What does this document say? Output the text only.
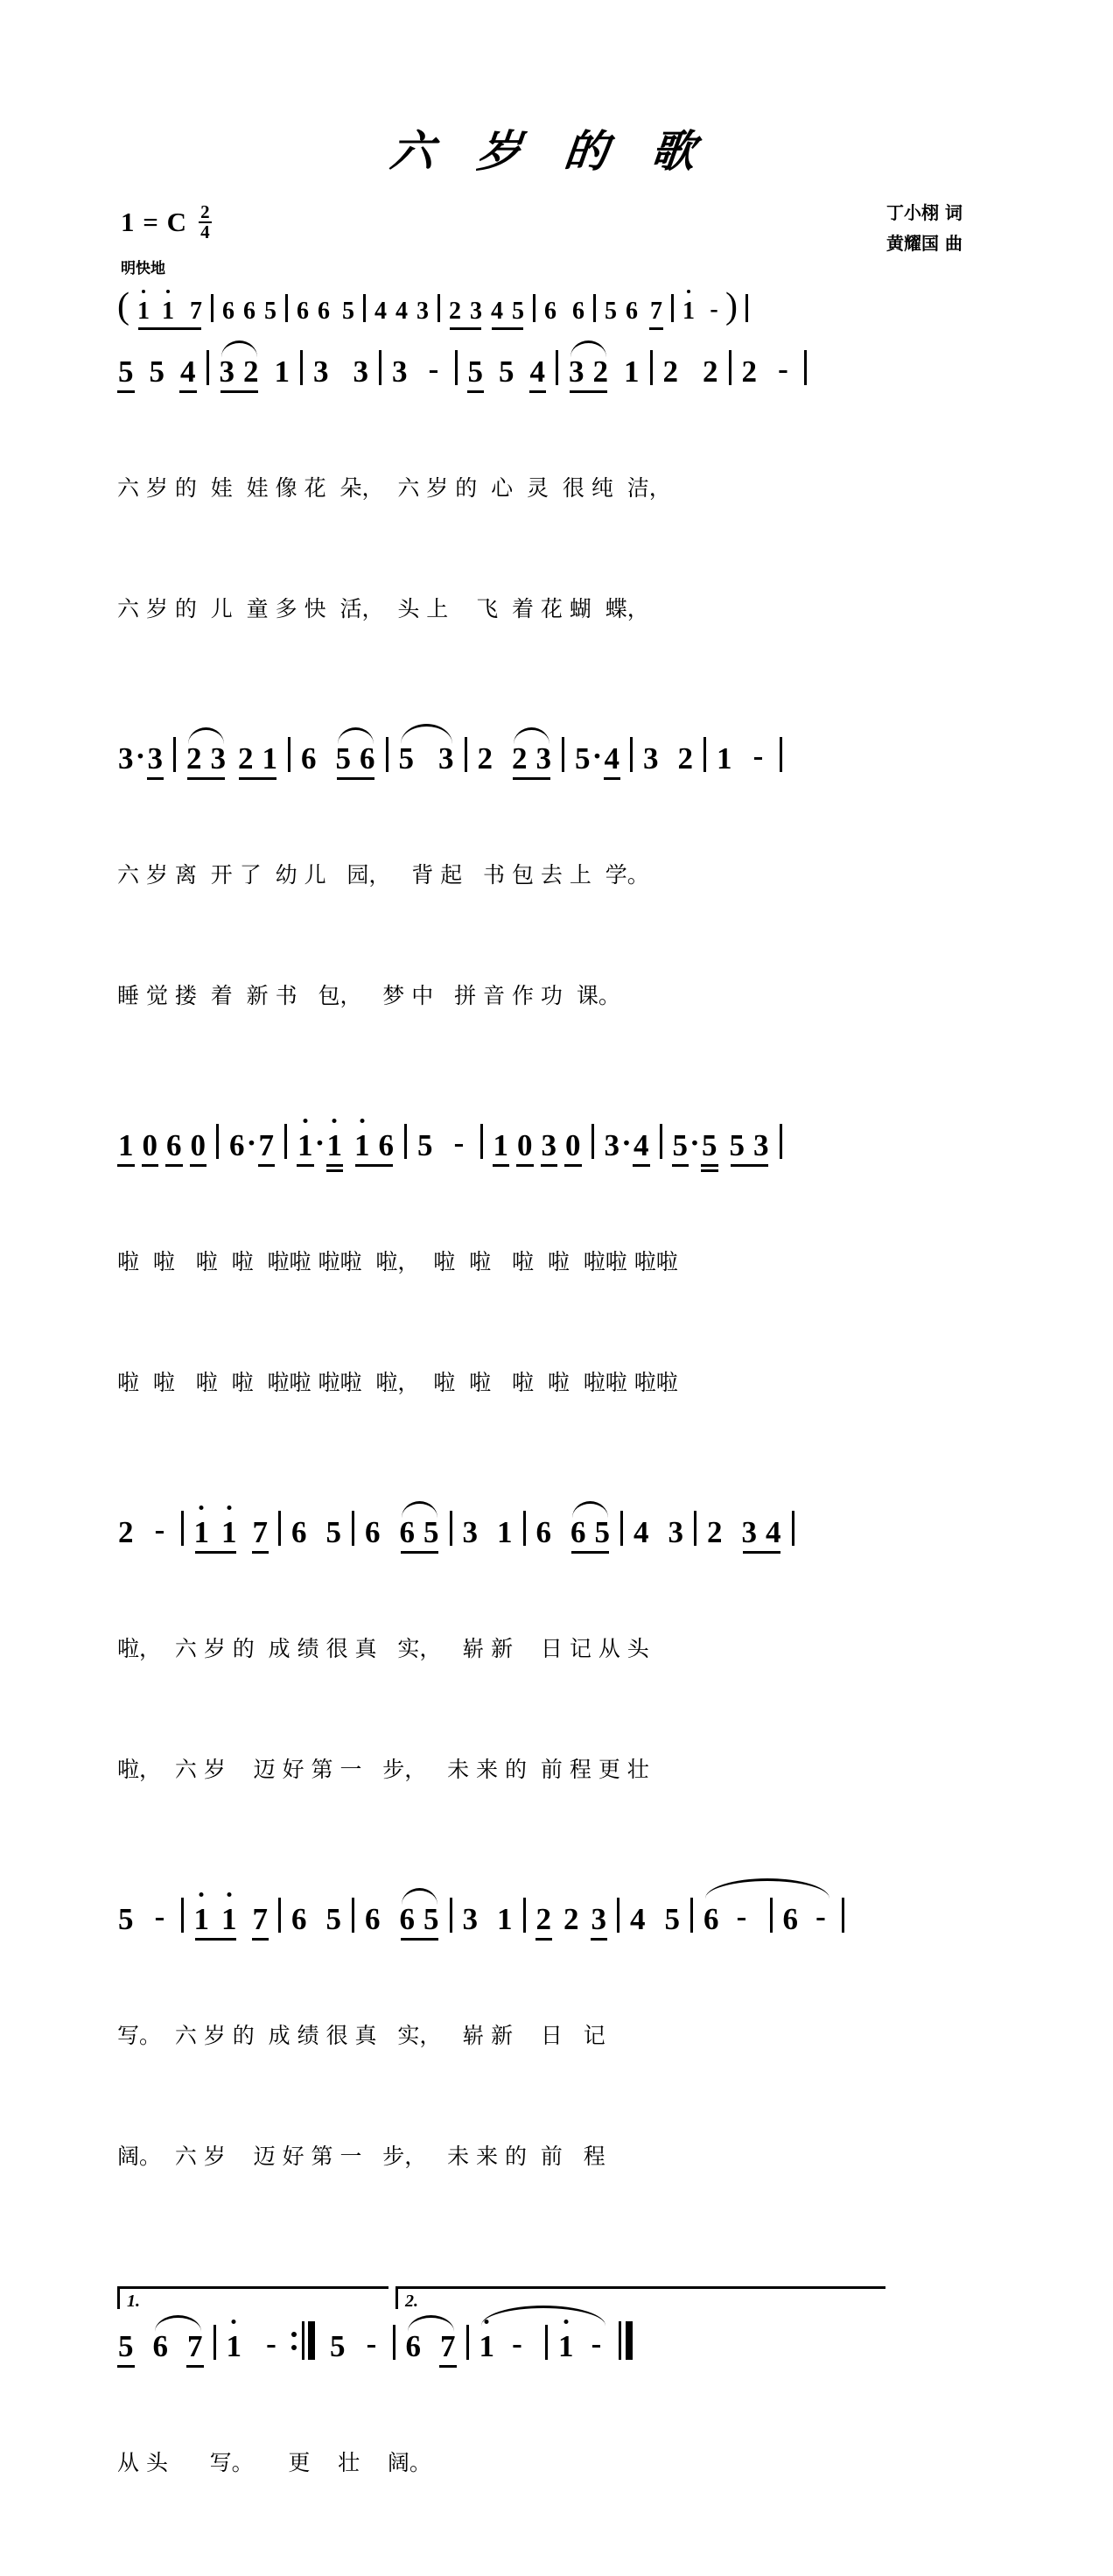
六 岁 的 歌
1 = C $\frac{2}{4}$	丁小栩 词
黄耀国 曲
明快地
( 1 1 7 6 6 5 6 6 5 4 4 3 2 3 4 5 6 6 5 6 7 1 - )
5 5 4 3 2 1 3 3 3 - 5 5 4 3 2 1 2 2 2 -

六 岁 的  娃  娃 像 花  朵，  六 岁 的  心  灵  很 纯  洁，

六 岁 的  儿  童 多 快  活，  头 上    飞  着 花 蝴  蝶，

3 · 3 2 3 2 1 6 5 6 5 3 2 2 3 5 · 4 3 2 1 -

六 岁 离  开 了  幼 儿   园，   背 起   书 包 去 上  学。

睡 觉 搂  着  新 书   包，   梦 中   拼 音 作 功  课。

1 0 6 0 6 · 7 1 · 1 1 6 5 - 1 0 3 0 3 · 4 5 · 5 5 3

啦  啦   啦  啦  啦啦 啦啦  啦，  啦  啦   啦  啦  啦啦 啦啦

啦  啦   啦  啦  啦啦 啦啦  啦，  啦  啦   啦  啦  啦啦 啦啦

2 - 1 1 7 6 5 6 6 5 3 1 6 6 5 4 3 2 3 4

啦，  六 岁 的  成 绩 很 真   实，   崭 新    日 记 从 头

啦，  六 岁    迈 好 第 一   步，   未 来 的  前 程 更 壮

5 - 1 1 7 6 5 6 6 5 3 1 2 2 3 4 5 6 - 6 -

写。  六 岁 的  成 绩 很 真   实，   崭 新    日   记

阔。  六 岁    迈 好 第 一   步，   未 来 的  前   程

1.	2.
5 6 7 1 - 5 - 6 7 1 - 1 -

从 头      写。     更    壮    阔。
